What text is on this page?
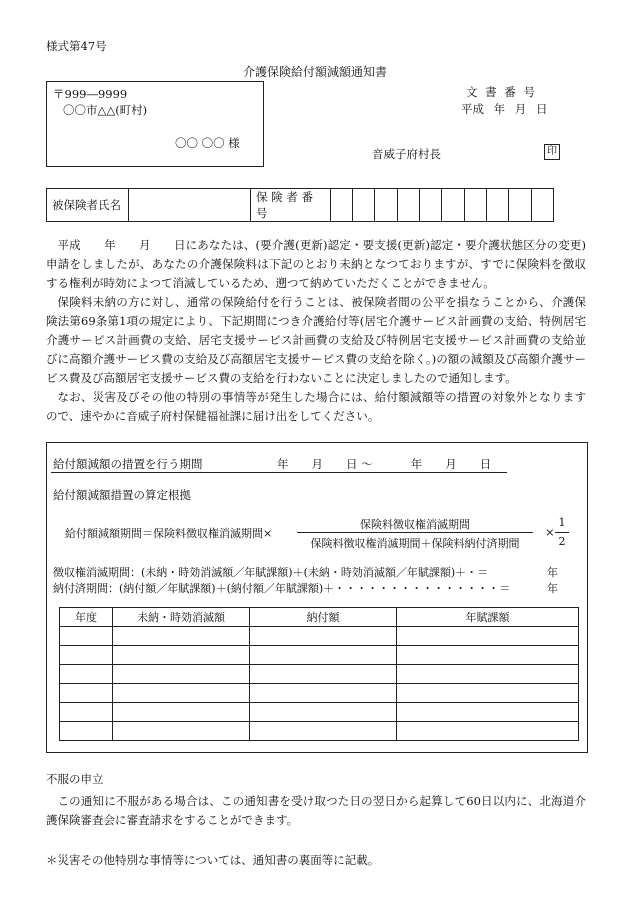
様式第47号
介護保険給付額減額通知書
〒999―9999
〇〇市△△(町村)
〇〇 〇〇 様
文 書 番 号
平成 年 月 日
音威子府村長	印
被保険者氏名		保 険 者 番 号										

平成　　年　　月　　日にあなたは、(要介護(更新)認定・要支援(更新)認定・要介護状態区分の変更)申請をしましたが、あなたの介護保険料は下記のとおり未納となつておりますが、すでに保険料を徴収する権利が時効によつて消滅しているため、遡つて納めていただくことができません。

保険料未納の方に対し、通常の保険給付を行うことは、被保険者間の公平を損なうことから、介護保険法第69条第1項の規定により、下記期間につき介護給付等(居宅介護サービス計画費の支給、特例居宅介護サービス計画費の支給、居宅支援サービス計画費の支給及び特例居宅支援サービス計画費の支給並びに高額介護サービス費の支給及び高額居宅支援サービス費の支給を除く。)の額の減額及び高額介護サービス費及び高額居宅支援サービス費の支給を行わないことに決定しましたので通知します。

なお、災害及びその他の特別の事情等が発生した場合には、給付額減額等の措置の対象外となりますので、速やかに音威子府村保健福祉課に届け出をしてください。

給付額減額の措置を行う期間	年　　月　　日 ～　　　 年　　月　　日
給付額減額措置の算定根拠
給付額減額期間＝保険料徴収権消滅期間×
保険料徴収権消滅期間
保険料徴収権消滅期間＋保険料納付済期間
×
1
2
徴収権消滅期間：(未納・時効消滅額／年賦課額)＋(未納・時効消滅額／年賦課額)＋・＝	年
納付済期間：(納付額／年賦課額)＋(納付額／年賦課額)＋・・・・・・・・・・・・・・・＝	年
年度	未納・時効消滅額	納付額	年賦課額

不服の申立
この通知に不服がある場合は、この通知書を受け取つた日の翌日から起算して60日以内に、北海道介護保険審査会に審査請求をすることができます。
＊災害その他特別な事情等については、通知書の裏面等に記載。
